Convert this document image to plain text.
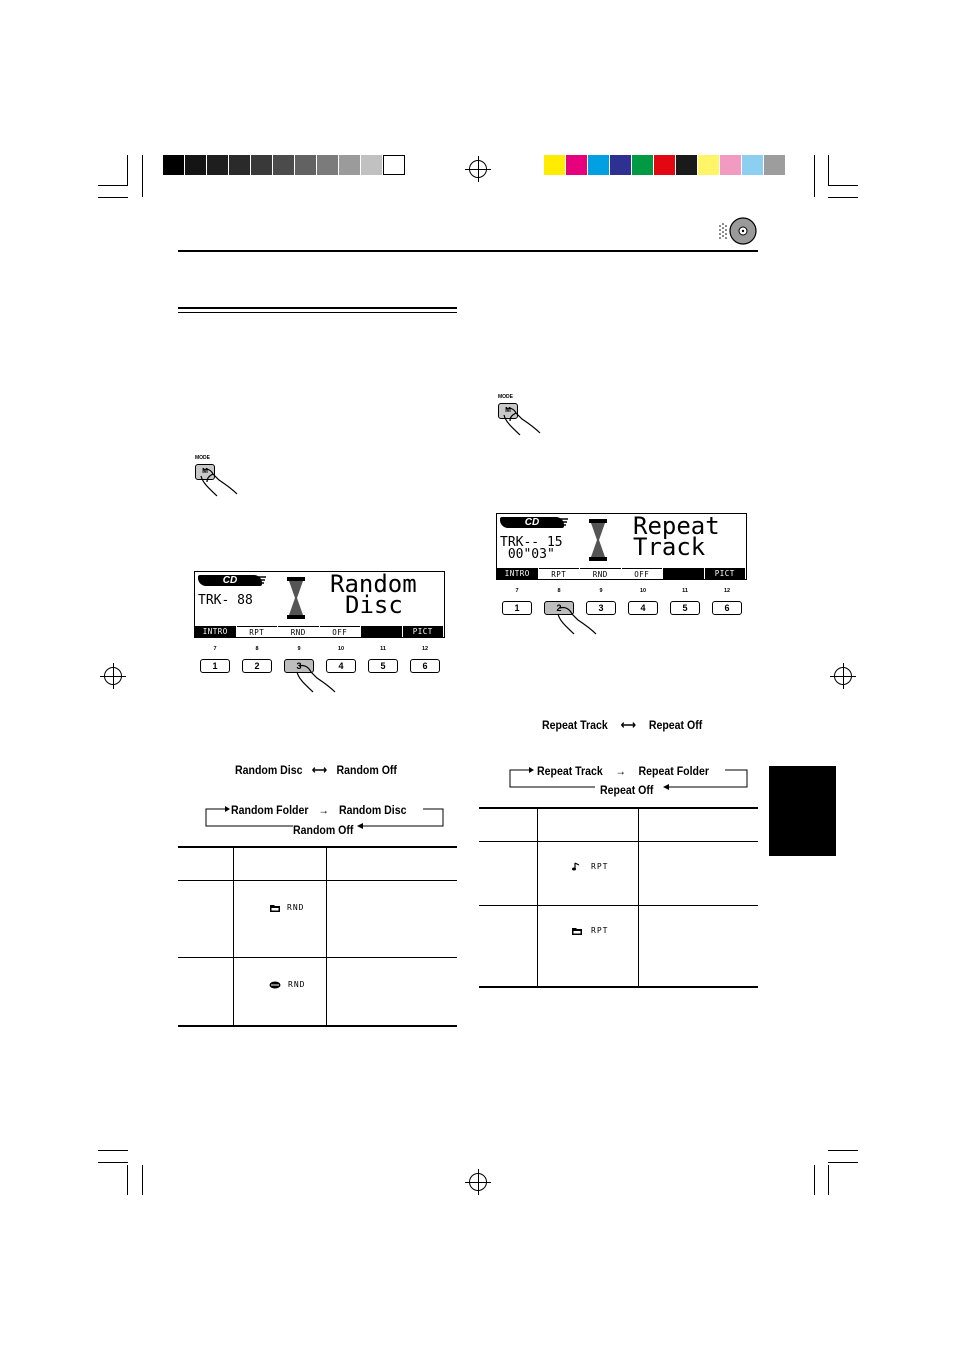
MODE
M
CD
TRK- 88
Random
Disc
INTRO	RPT	RND	OFF	PICT
7
1
8
2
9
3
10
4
11
5
12
6
Random Disc ⟷ Random Off
Random Folder → Random Disc
Random Off
RND
RND
MODE
M
CD
TRK-- 15
00"03"
Repeat
Track
INTRO	RPT	RND	OFF	PICT
7
1
8
2
9
3
10
4
11
5
12
6
Repeat Track ⟷ Repeat Off
Repeat Track → Repeat Folder
Repeat Off
RPT
RPT
